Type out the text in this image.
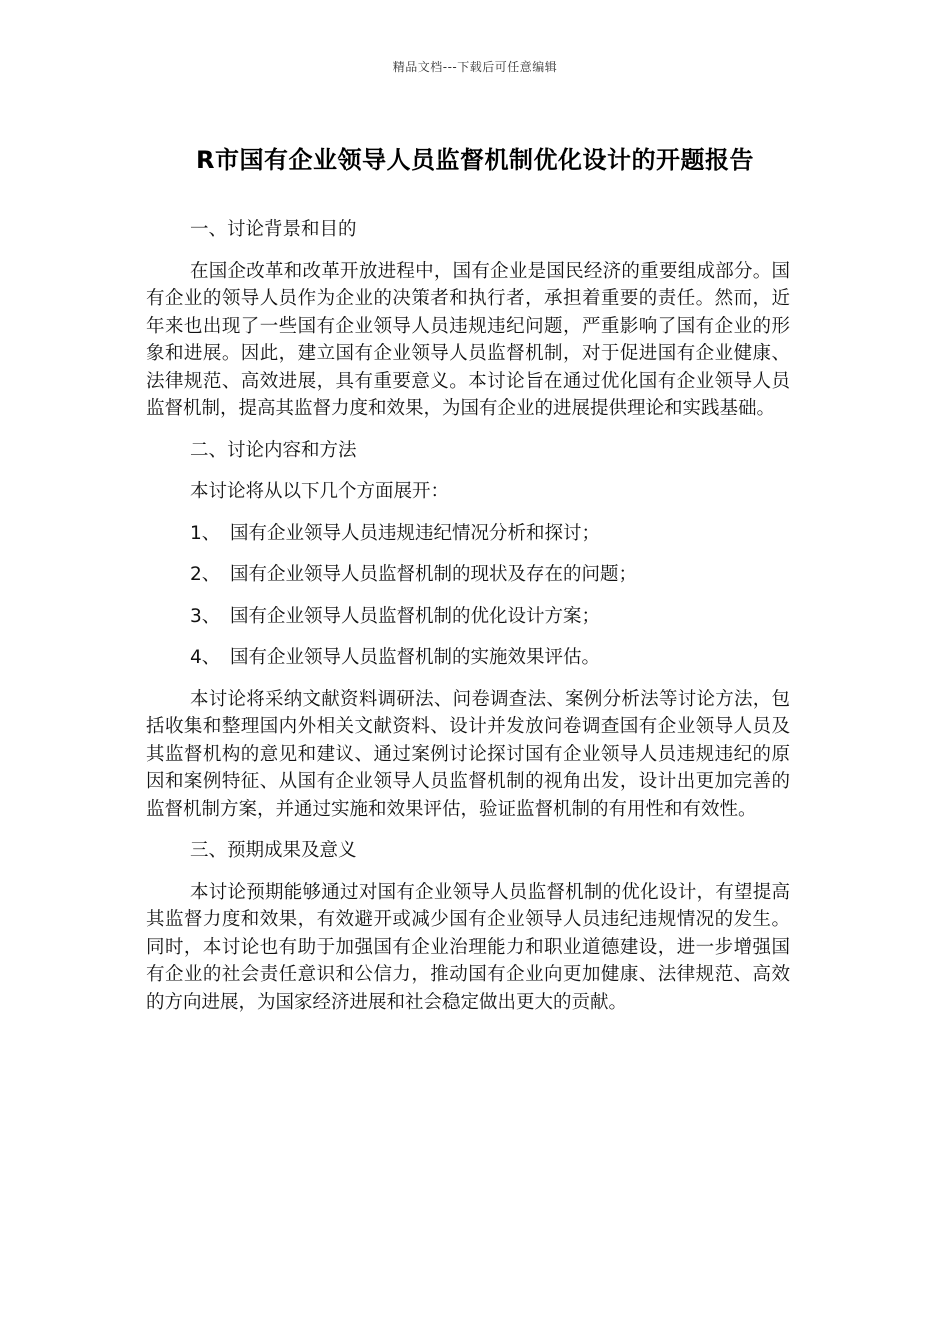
精品文档---下载后可任意编辑
R市国有企业领导人员监督机制优化设计的开题报告

一、讨论背景和目的

在国企改革和改革开放进程中，国有企业是国民经济的重要组成部分。国有企业的领导人员作为企业的决策者和执行者，承担着重要的责任。然而，近年来也出现了一些国有企业领导人员违规违纪问题，严重影响了国有企业的形象和进展。因此，建立国有企业领导人员监督机制，对于促进国有企业健康、法律规范、高效进展，具有重要意义。本讨论旨在通过优化国有企业领导人员监督机制，提高其监督力度和效果，为国有企业的进展提供理论和实践基础。

二、讨论内容和方法

本讨论将从以下几个方面展开：

1、 国有企业领导人员违规违纪情况分析和探讨；

2、 国有企业领导人员监督机制的现状及存在的问题；

3、 国有企业领导人员监督机制的优化设计方案；

4、 国有企业领导人员监督机制的实施效果评估。

本讨论将采纳文献资料调研法、问卷调查法、案例分析法等讨论方法，包括收集和整理国内外相关文献资料、设计并发放问卷调查国有企业领导人员及其监督机构的意见和建议、通过案例讨论探讨国有企业领导人员违规违纪的原因和案例特征、从国有企业领导人员监督机制的视角出发，设计出更加完善的监督机制方案，并通过实施和效果评估，验证监督机制的有用性和有效性。

三、预期成果及意义

本讨论预期能够通过对国有企业领导人员监督机制的优化设计，有望提高其监督力度和效果，有效避开或减少国有企业领导人员违纪违规情况的发生。同时，本讨论也有助于加强国有企业治理能力和职业道德建设，进一步增强国有企业的社会责任意识和公信力，推动国有企业向更加健康、法律规范、高效的方向进展，为国家经济进展和社会稳定做出更大的贡献。
